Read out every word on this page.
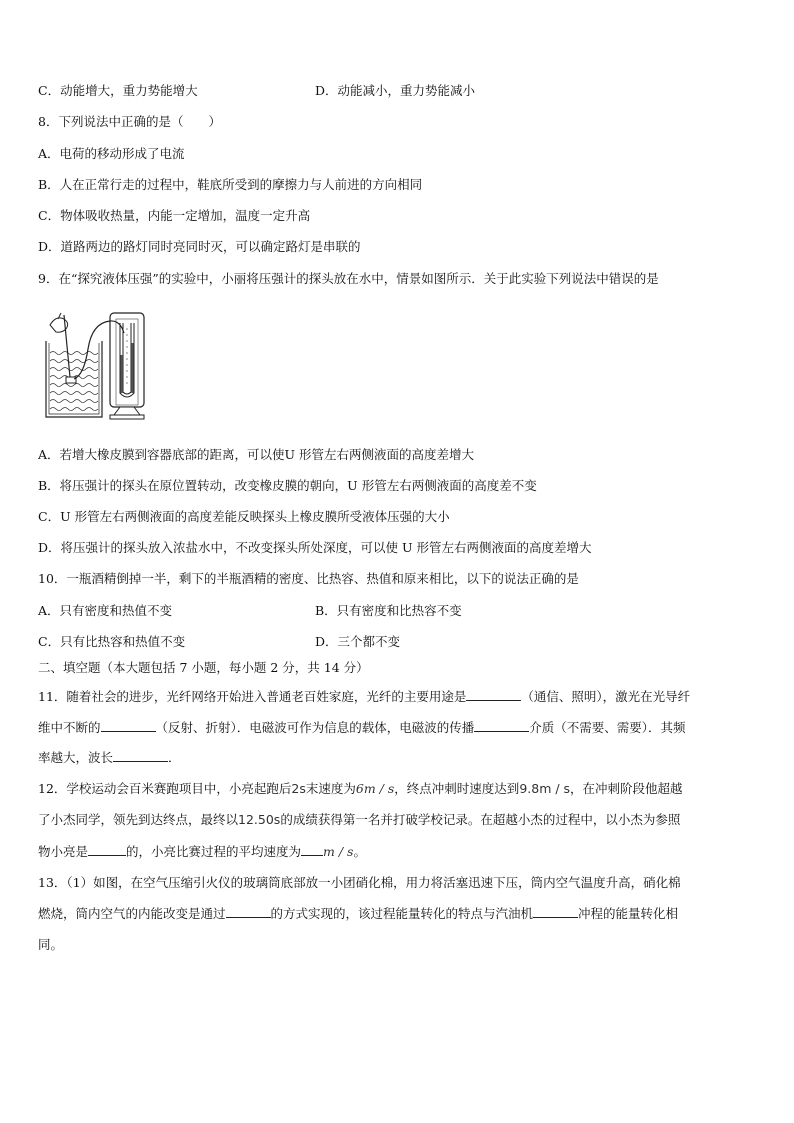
C．动能增大，重力势能增大	D．动能减小，重力势能减小
8．下列说法中正确的是（　　）
A．电荷的移动形成了电流
B．人在正常行走的过程中，鞋底所受到的摩擦力与人前进的方向相同
C．物体吸收热量，内能一定增加，温度一定升高
D．道路两边的路灯同时亮同时灭，可以确定路灯是串联的
9．在“探究液体压强”的实验中，小丽将压强计的探头放在水中，情景如图所示．关于此实验下列说法中错误的是
A．若增大橡皮膜到容器底部的距离，可以使U 形管左右两侧液面的高度差增大
B．将压强计的探头在原位置转动，改变橡皮膜的朝向，U 形管左右两侧液面的高度差不变
C．U 形管左右两侧液面的高度差能反映探头上橡皮膜所受液体压强的大小
D．将压强计的探头放入浓盐水中，不改变探头所处深度，可以使 U 形管左右两侧液面的高度差增大
10．一瓶酒精倒掉一半，剩下的半瓶酒精的密度、比热容、热值和原来相比，以下的说法正确的是
A．只有密度和热值不变	B．只有密度和比热容不变
C．只有比热容和热值不变	D．三个都不变
二、填空题（本大题包括 7 小题，每小题 2 分，共 14 分）
11．随着社会的进步，光纤网络开始进入普通老百姓家庭，光纤的主要用途是	（通信、照明），激光在光导纤
维中不断的	（反射、折射）．电磁波可作为信息的载体，电磁波的传播	介质（不需要、需要）．其频
率越大，波长	．
12．学校运动会百米赛跑项目中，小亮起跑后2s末速度为6m / s，终点冲刺时速度达到9.8m / s，在冲刺阶段他超越
了小杰同学，领先到达终点，最终以12.50s的成绩获得第一名并打破学校记录。在超越小杰的过程中，以小杰为参照
物小亮是	的，小亮比赛过程的平均速度为 m / s。
13．（1）如图，在空气压缩引火仪的玻璃筒底部放一小团硝化棉，用力将活塞迅速下压，筒内空气温度升高，硝化棉
燃烧，筒内空气的内能改变是通过	的方式实现的，该过程能量转化的特点与汽油机	冲程的能量转化相
同。
